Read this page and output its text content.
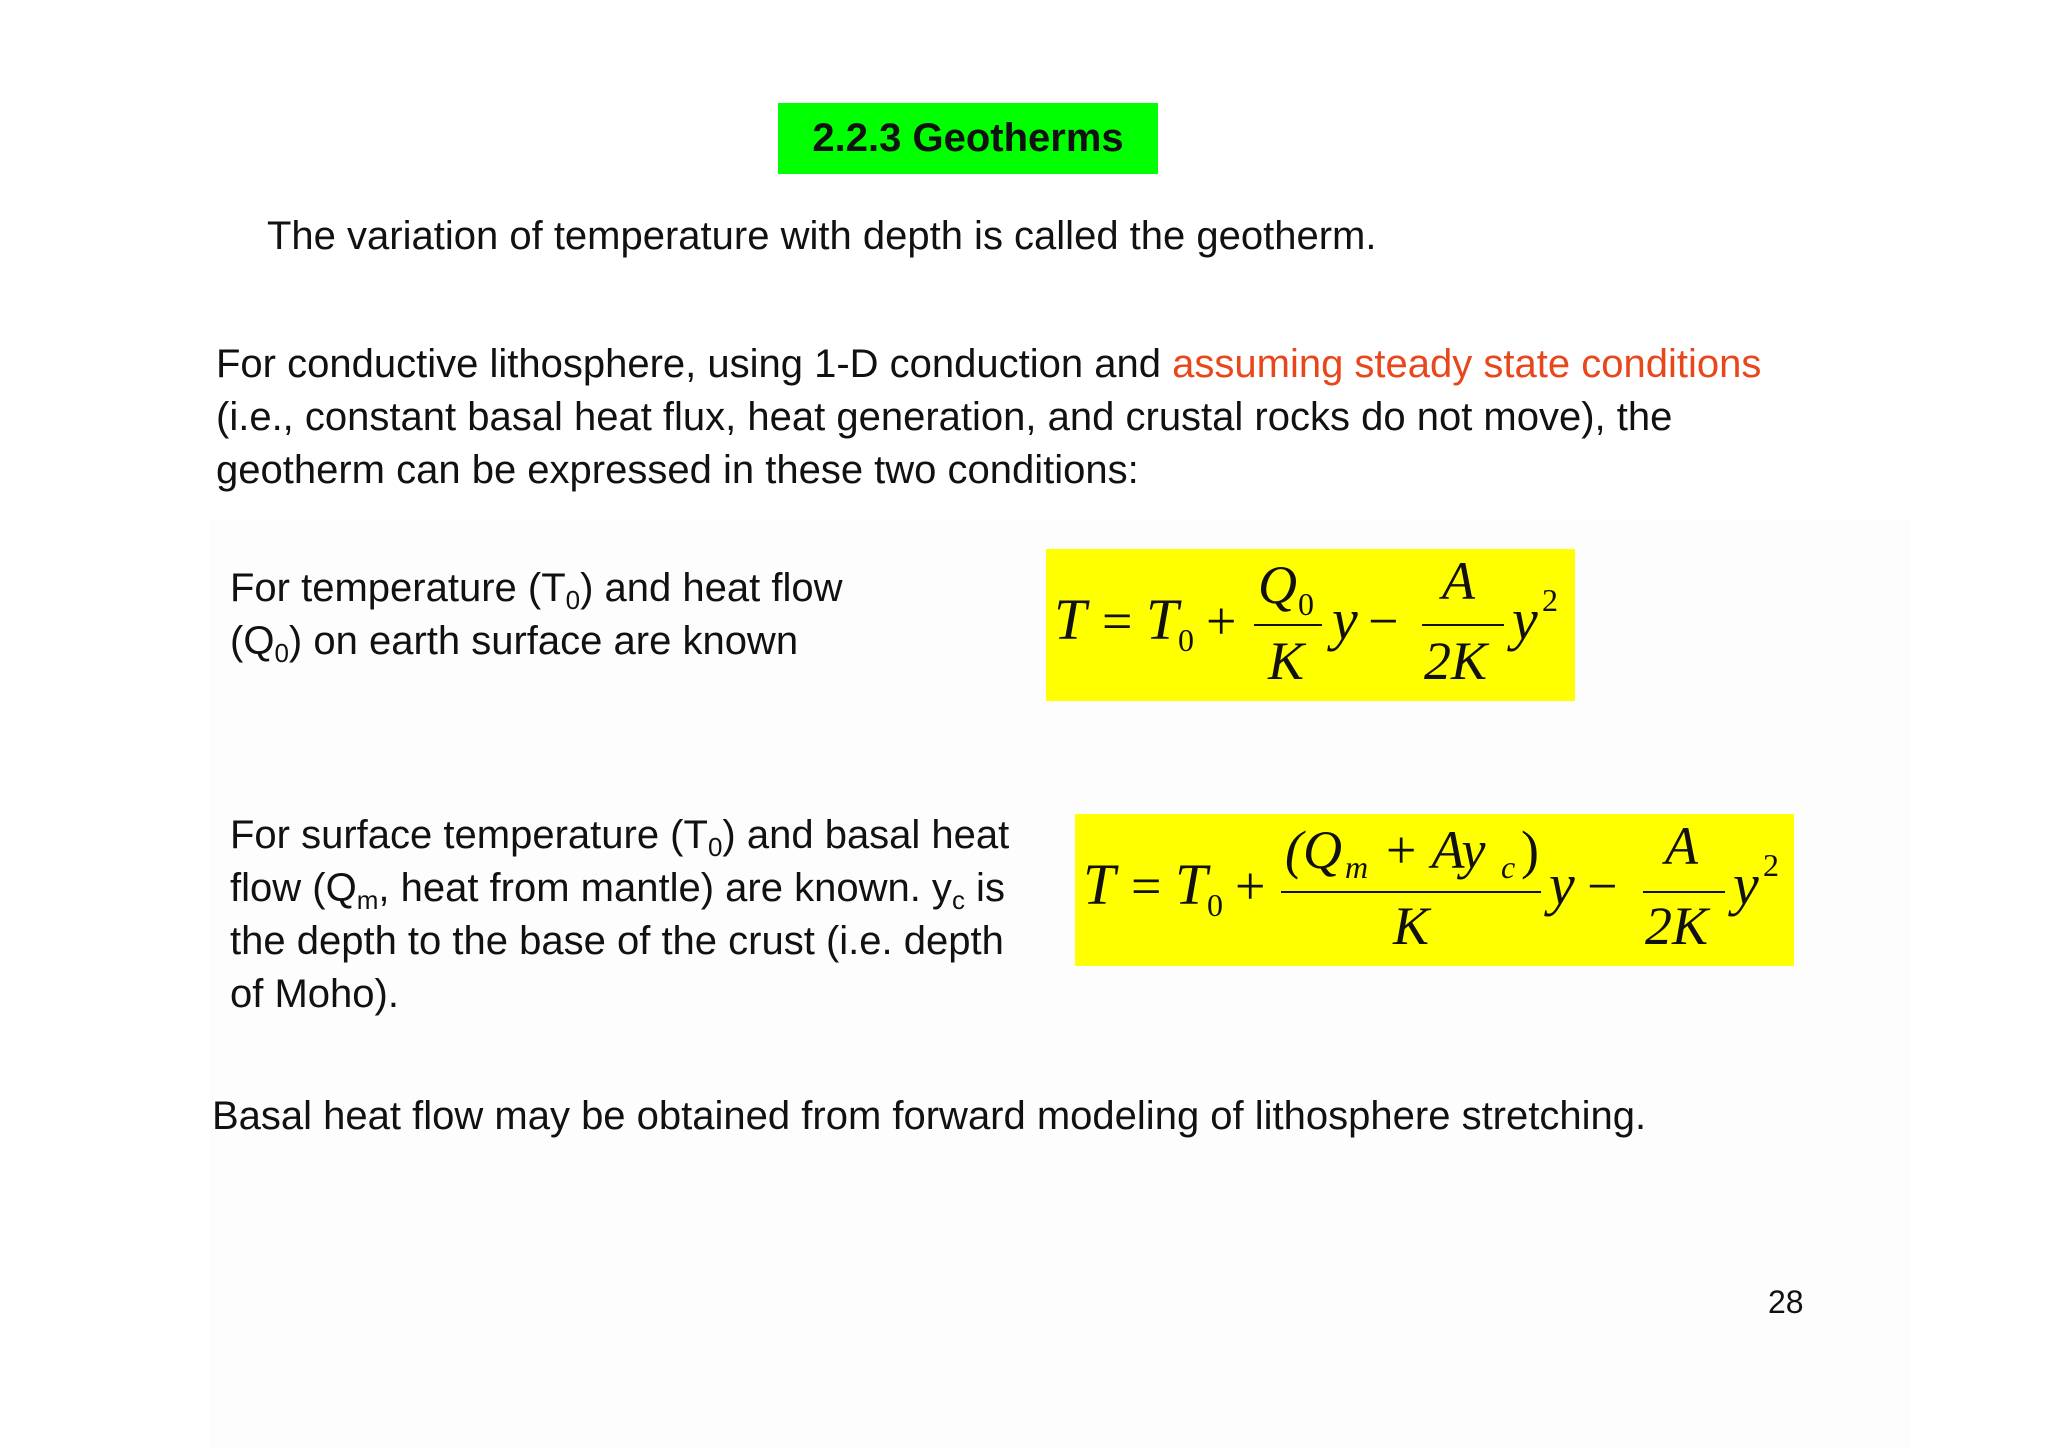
2.2.3 Geotherms
The variation of temperature with depth is called the geotherm.
For conductive lithosphere, using 1-D conduction and assuming steady state conditions (i.e., constant basal heat flux, heat generation, and crustal rocks do not move), the geotherm can be expressed in these two conditions:
For temperature $(T_0)$ and heat flow $(Q_0)$ on earth surface are known	T = T 0 +
Q 0
K
y −
A
2K
y 2
For surface temperature $(T_0)$ and basal heat flow ($Q_m$, heat from mantle) are known. $y_c$ is the depth to the base of the crust (i.e. depth of Moho).
T = T 0 +
(Q m + Ay c )
K
y −
A
2K
y 2
Basal heat flow may be obtained from forward modeling of lithosphere stretching.
28
